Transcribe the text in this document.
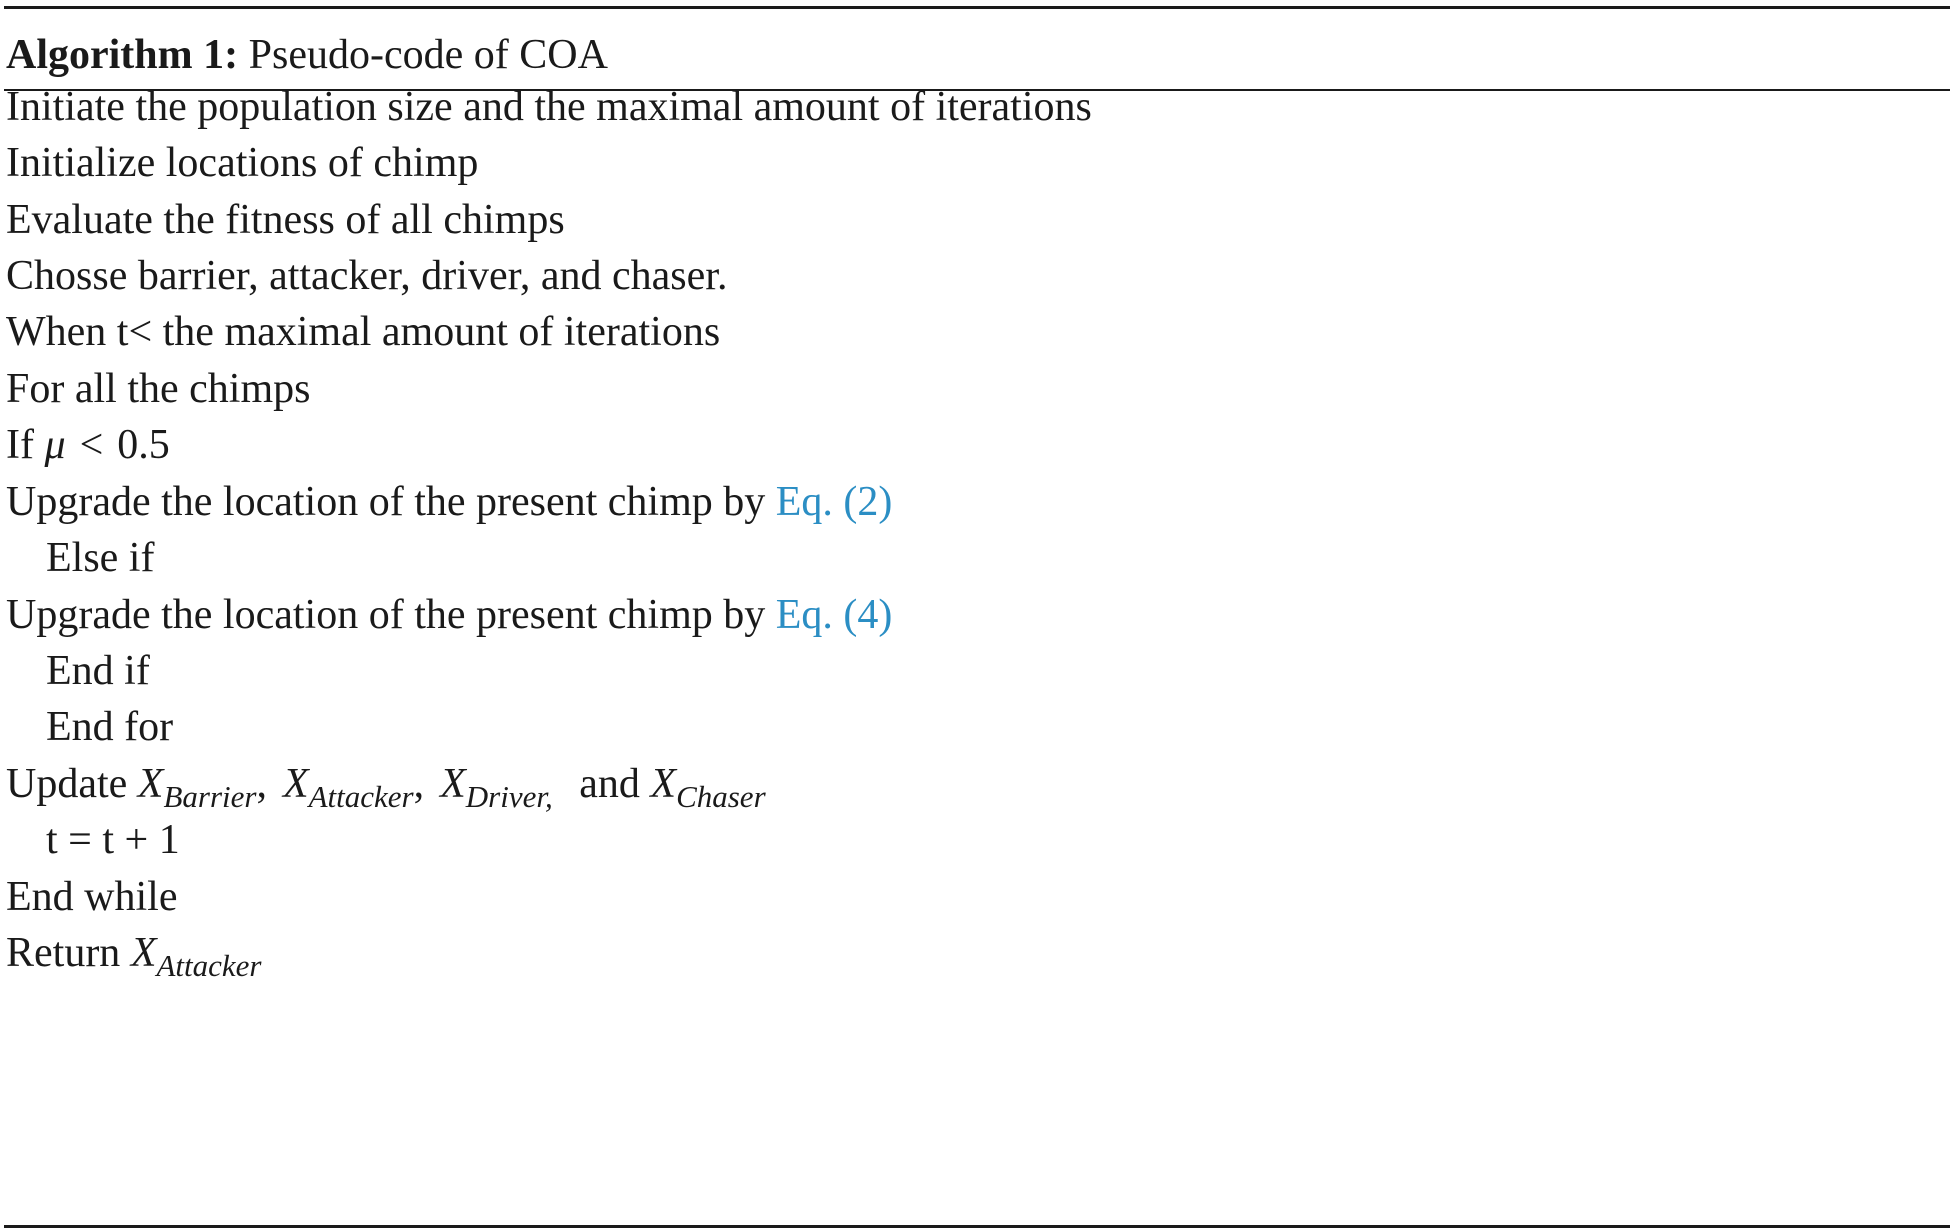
Algorithm 1: Pseudo-code of COA
Initiate the population size and the maximal amount of iterations
Initialize locations of chimp
Evaluate the fitness of all chimps
Chosse barrier, attacker, driver, and chaser.
When t< the maximal amount of iterations
For all the chimps
If μ < 0.5
Upgrade the location of the present chimp by Eq. (2)
Else if
Upgrade the location of the present chimp by Eq. (4)
End if
End for
Update $X_{Barrier}$, $X_{Attacker}$, $X_{Driver,}$ and $X_{Chaser}$
t = t + 1
End while
Return $X_{Attacker}$
